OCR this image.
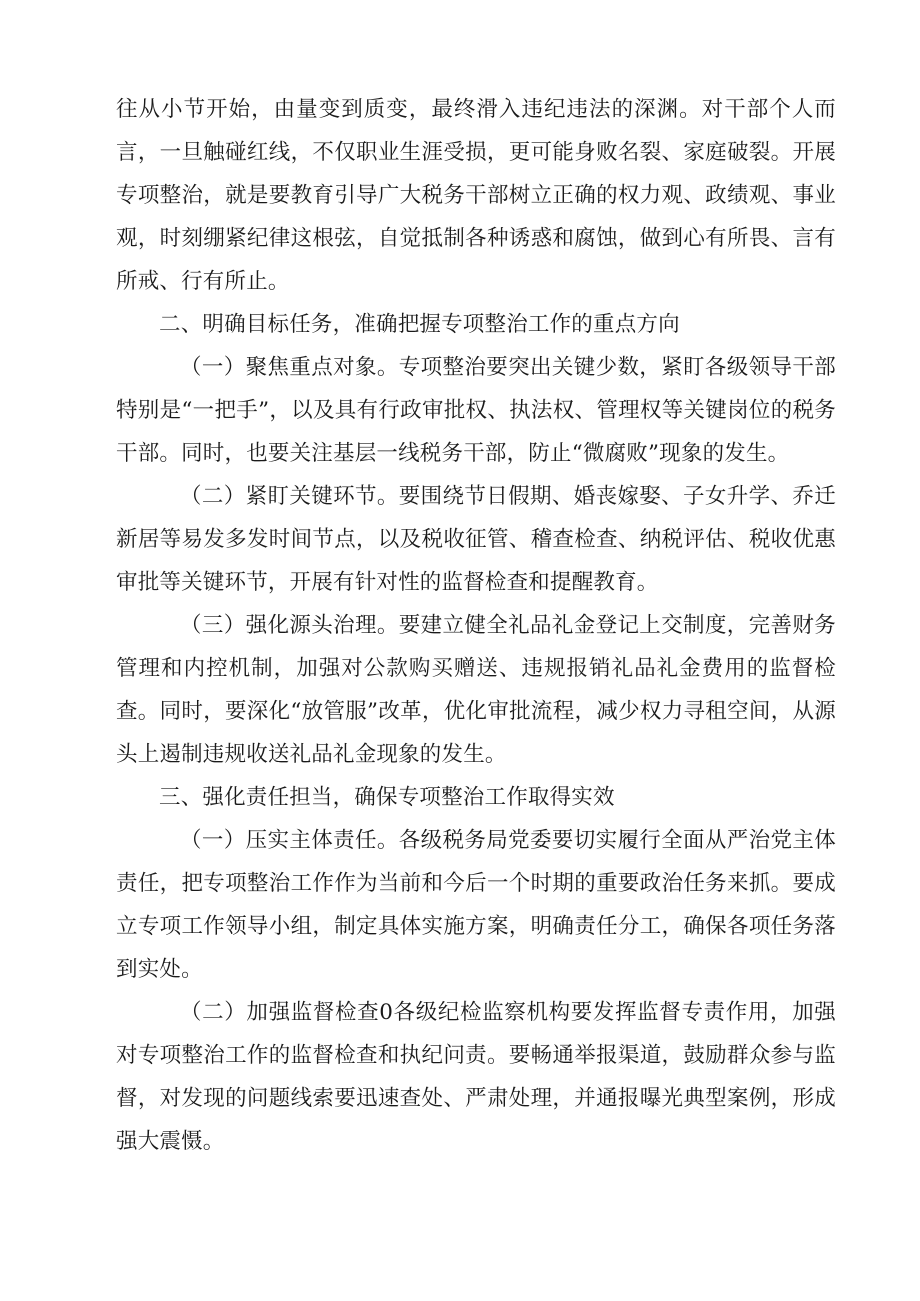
往从小节开始，由量变到质变，最终滑入违纪违法的深渊。对干部个人而言，一旦触碰红线，不仅职业生涯受损，更可能身败名裂、家庭破裂。开展专项整治，就是要教育引导广大税务干部树立正确的权力观、政绩观、事业观，时刻绷紧纪律这根弦，自觉抵制各种诱惑和腐蚀，做到心有所畏、言有所戒、行有所止。

二、明确目标任务，准确把握专项整治工作的重点方向

（一）聚焦重点对象。专项整治要突出关键少数，紧盯各级领导干部特别是“一把手”，以及具有行政审批权、执法权、管理权等关键岗位的税务干部。同时，也要关注基层一线税务干部，防止“微腐败”现象的发生。

（二）紧盯关键环节。要围绕节日假期、婚丧嫁娶、子女升学、乔迁新居等易发多发时间节点，以及税收征管、稽查检查、纳税评估、税收优惠审批等关键环节，开展有针对性的监督检查和提醒教育。

（三）强化源头治理。要建立健全礼品礼金登记上交制度，完善财务管理和内控机制，加强对公款购买赠送、违规报销礼品礼金费用的监督检查。同时，要深化“放管服”改革，优化审批流程，减少权力寻租空间，从源头上遏制违规收送礼品礼金现象的发生。

三、强化责任担当，确保专项整治工作取得实效

（一）压实主体责任。各级税务局党委要切实履行全面从严治党主体责任，把专项整治工作作为当前和今后一个时期的重要政治任务来抓。要成立专项工作领导小组，制定具体实施方案，明确责任分工，确保各项任务落到实处。

（二）加强监督检查0各级纪检监察机构要发挥监督专责作用，加强对专项整治工作的监督检查和执纪问责。要畅通举报渠道，鼓励群众参与监督，对发现的问题线索要迅速查处、严肃处理，并通报曝光典型案例，形成强大震慑。
